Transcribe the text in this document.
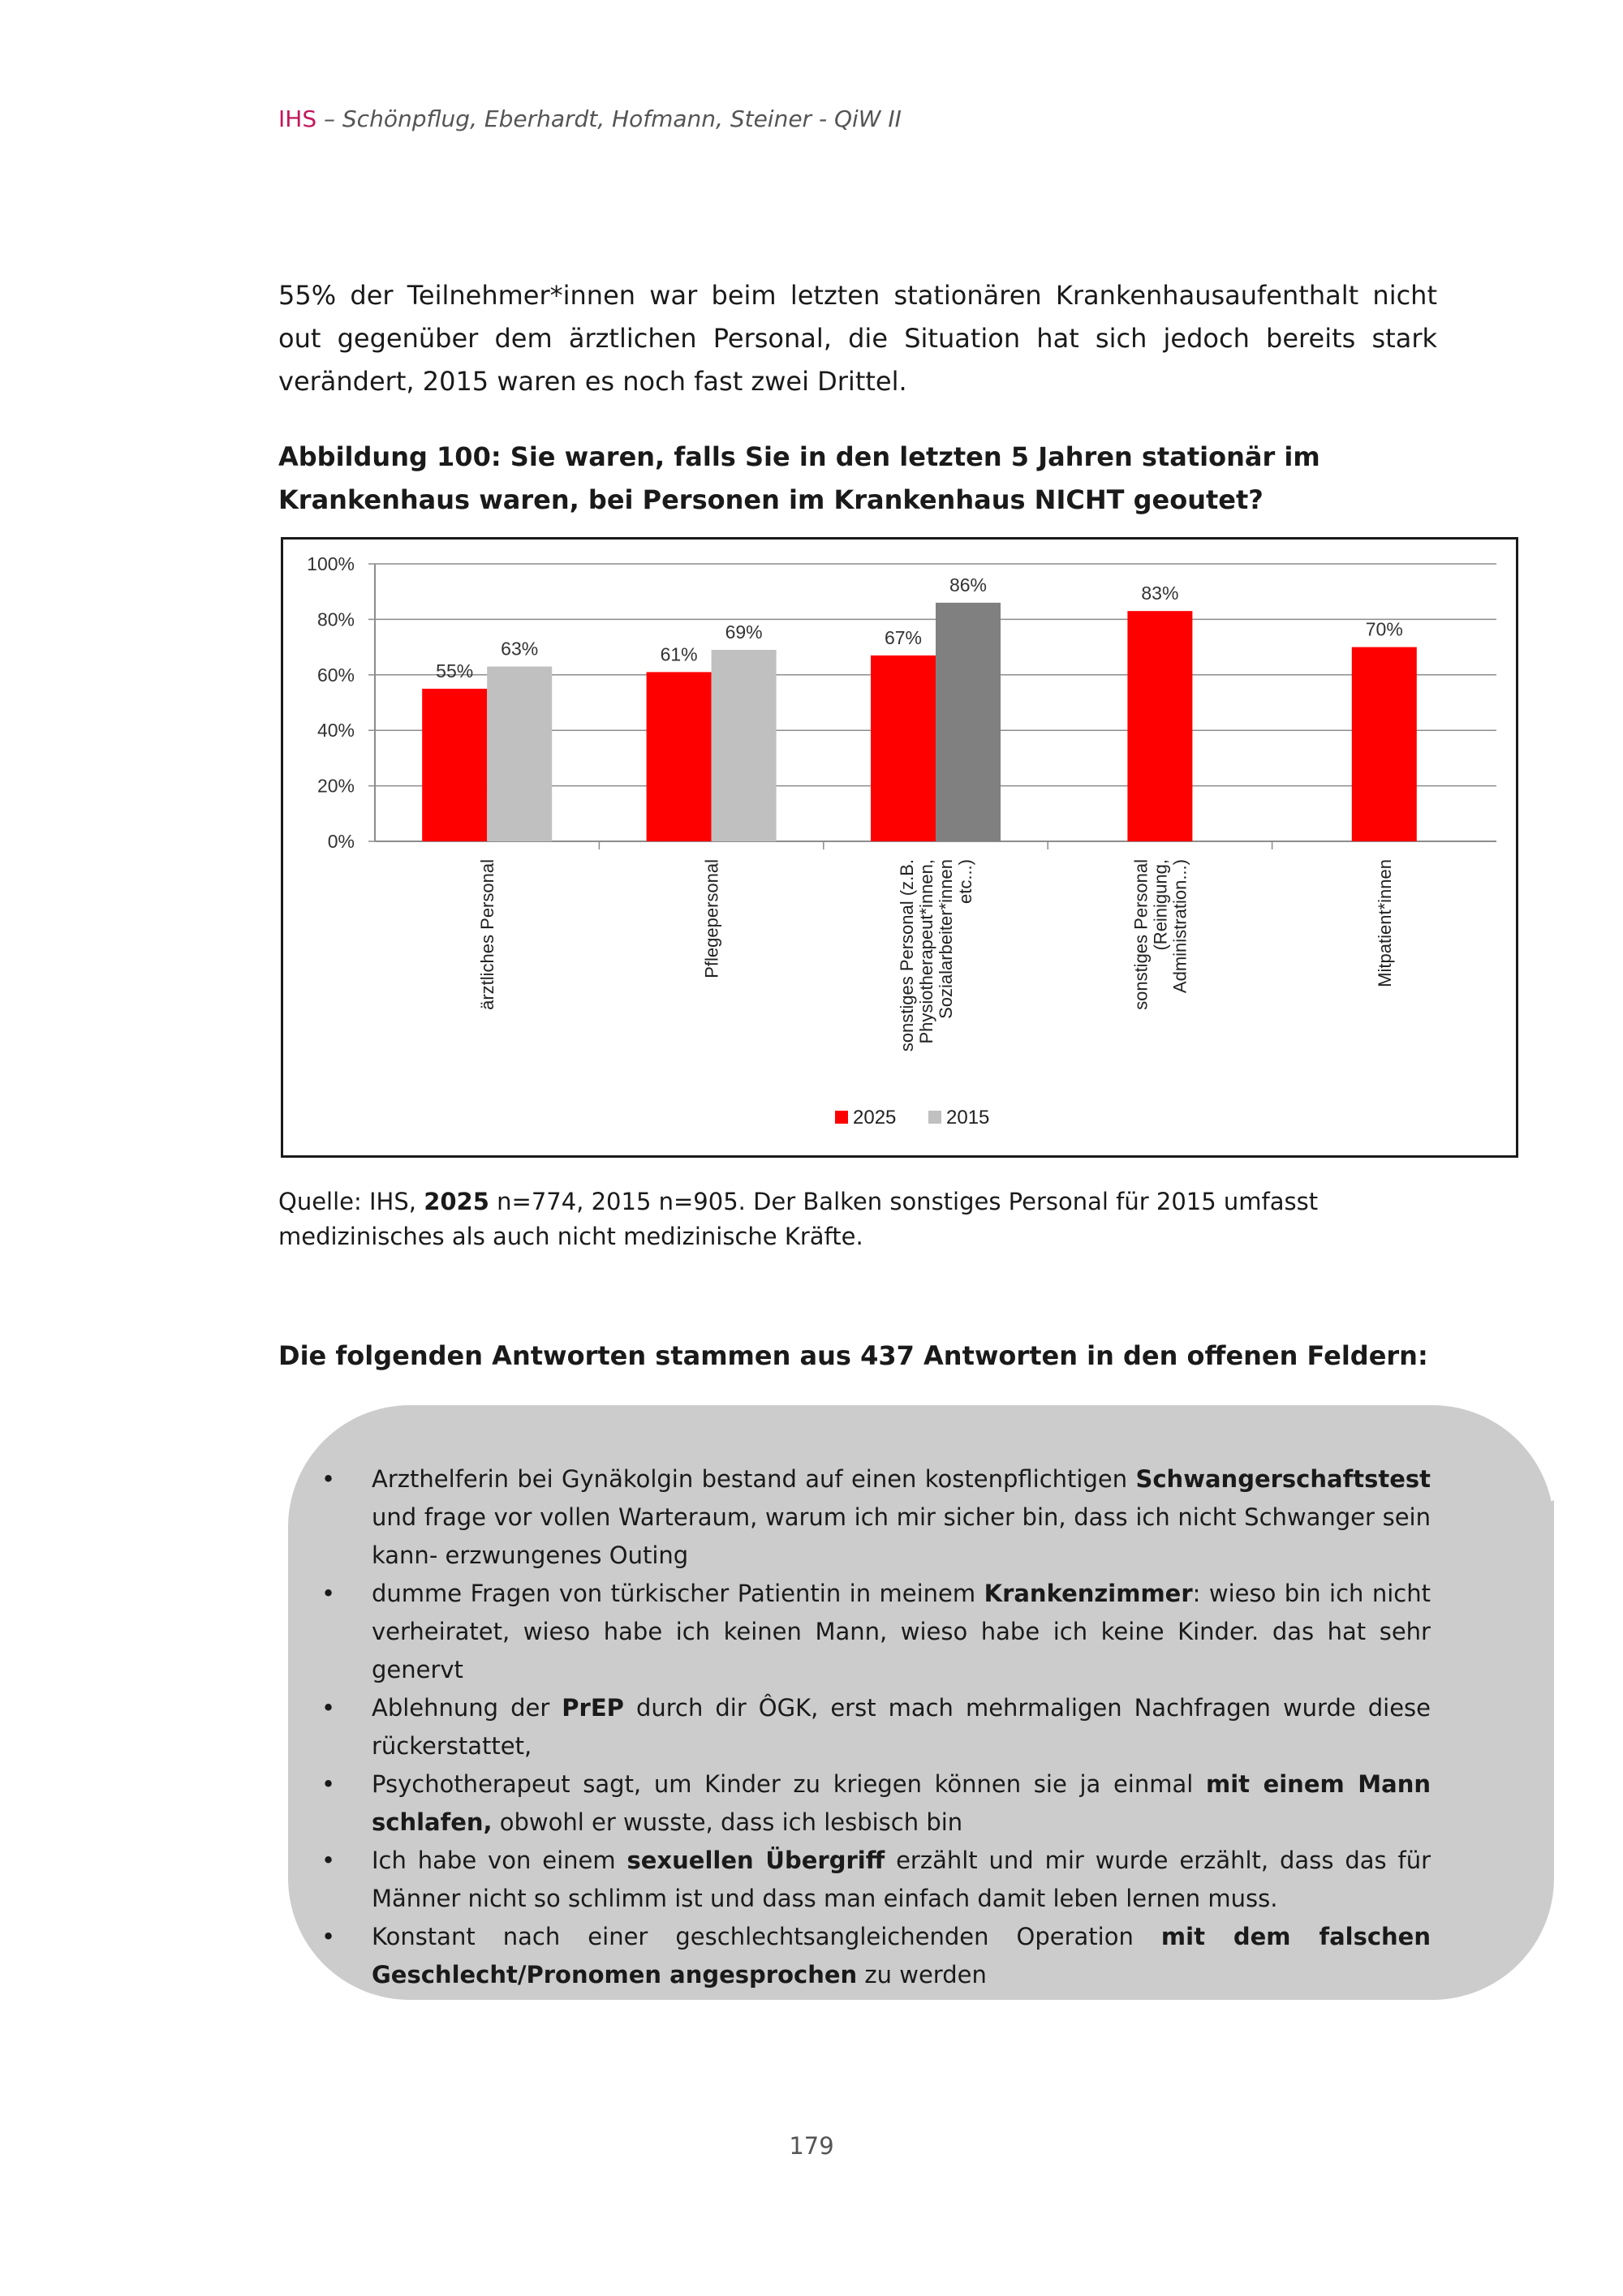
IHS – Schönpflug, Eberhardt, Hofmann, Steiner - QiW II
55% der Teilnehmer*innen war beim letzten stationären Krankenhausaufenthalt nicht out gegenüber dem ärztlichen Personal, die Situation hat sich jedoch bereits stark verändert, 2015 waren es noch fast zwei Drittel.
Abbildung 100: Sie waren, falls Sie in den letzten 5 Jahren stationär im Krankenhaus waren, bei Personen im Krankenhaus NICHT geoutet?
0%
20%
40%
60%
80%
100%
55%
63%
ärztliches Personal
61%
69%
Pflegepersonal
67%
86%
sonstiges Personal (z.B. Physiotherapeut*innen, Sozialarbeiter*innen etc...)
83%
sonstiges Personal (Reinigung, Administration...)
70%
Mitpatient*innen
2025	2015
Quelle: IHS, 2025 n=774, 2015 n=905. Der Balken sonstiges Personal für 2015 umfasst medizinisches als auch nicht medizinische Kräfte.
Die folgenden Antworten stammen aus 437 Antworten in den offenen Feldern:
• Arzthelferin bei Gynäkolgin bestand auf einen kostenpflichtigen Schwangerschaftstest und frage vor vollen Warteraum, warum ich mir sicher bin, dass ich nicht Schwanger sein kann- erzwungenes Outing
• dumme Fragen von türkischer Patientin in meinem Krankenzimmer: wieso bin ich nicht verheiratet, wieso habe ich keinen Mann, wieso habe ich keine Kinder. das hat sehr genervt
• Ablehnung der PrEP durch dir ÔGK, erst mach mehrmaligen Nachfragen wurde diese rückerstattet,
• Psychotherapeut sagt, um Kinder zu kriegen können sie ja einmal mit einem Mann schlafen, obwohl er wusste, dass ich lesbisch bin
• Ich habe von einem sexuellen Übergriff erzählt und mir wurde erzählt, dass das für Männer nicht so schlimm ist und dass man einfach damit leben lernen muss.
• Konstant nach einer geschlechtsangleichenden Operation mit dem falschen Geschlecht/Pronomen angesprochen zu werden
179
